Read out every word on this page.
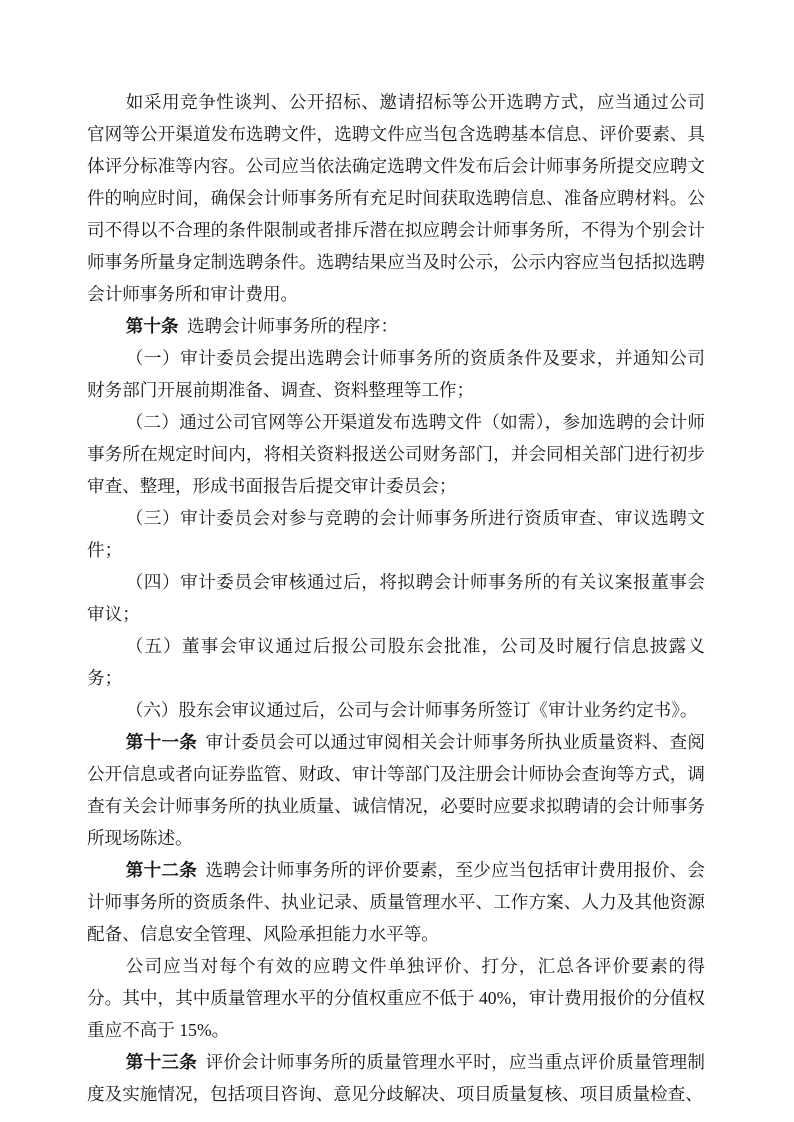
如采用竞争性谈判、公开招标、邀请招标等公开选聘方式，应当通过公司官网等公开渠道发布选聘文件，选聘文件应当包含选聘基本信息、评价要素、具体评分标准等内容。公司应当依法确定选聘文件发布后会计师事务所提交应聘文件的响应时间，确保会计师事务所有充足时间获取选聘信息、准备应聘材料。公司不得以不合理的条件限制或者排斥潜在拟应聘会计师事务所，不得为个别会计师事务所量身定制选聘条件。选聘结果应当及时公示，公示内容应当包括拟选聘会计师事务所和审计费用。

第十条 选聘会计师事务所的程序：

（一）审计委员会提出选聘会计师事务所的资质条件及要求，并通知公司财务部门开展前期准备、调查、资料整理等工作；

（二）通过公司官网等公开渠道发布选聘文件（如需），参加选聘的会计师事务所在规定时间内，将相关资料报送公司财务部门，并会同相关部门进行初步审查、整理，形成书面报告后提交审计委员会；

（三）审计委员会对参与竞聘的会计师事务所进行资质审查、审议选聘文件；

（四）审计委员会审核通过后，将拟聘会计师事务所的有关议案报董事会审议；

（五）董事会审议通过后报公司股东会批准，公司及时履行信息披露义务；

（六）股东会审议通过后，公司与会计师事务所签订《审计业务约定书》。

第十一条 审计委员会可以通过审阅相关会计师事务所执业质量资料、查阅公开信息或者向证券监管、财政、审计等部门及注册会计师协会查询等方式，调查有关会计师事务所的执业质量、诚信情况，必要时应要求拟聘请的会计师事务所现场陈述。

第十二条 选聘会计师事务所的评价要素，至少应当包括审计费用报价、会计师事务所的资质条件、执业记录、质量管理水平、工作方案、人力及其他资源配备、信息安全管理、风险承担能力水平等。

公司应当对每个有效的应聘文件单独评价、打分，汇总各评价要素的得分。其中，其中质量管理水平的分值权重应不低于 40%，审计费用报价的分值权重应不高于 15%。

第十三条 评价会计师事务所的质量管理水平时，应当重点评价质量管理制度及实施情况，包括项目咨询、意见分歧解决、项目质量复核、项目质量检查、
